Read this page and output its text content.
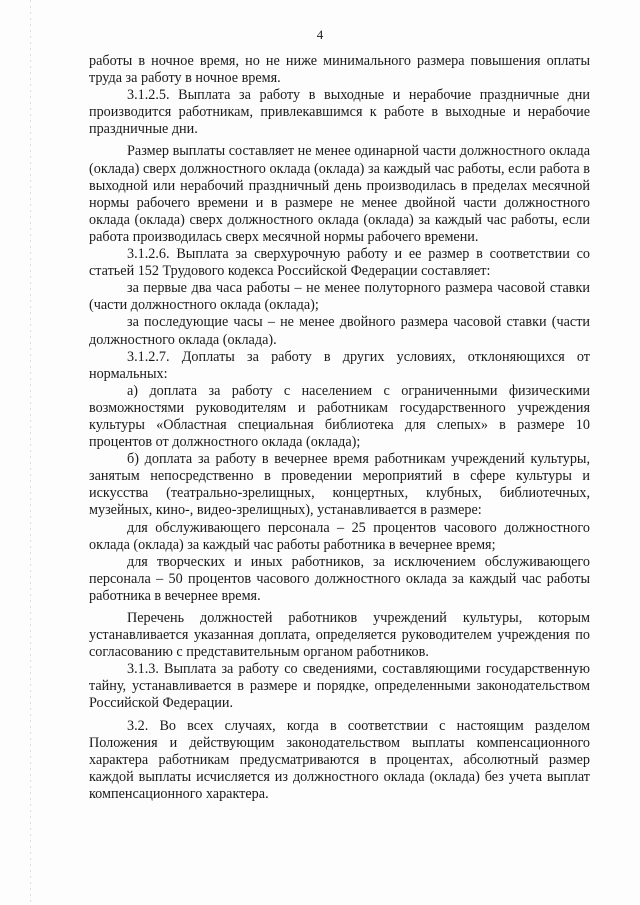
4

работы в ночное время, но не ниже минимального размера повышения оплаты труда за работу в ночное время.

3.1.2.5. Выплата за работу в выходные и нерабочие праздничные дни производится работникам, привлекавшимся к работе в выходные и нерабочие праздничные дни.

Размер выплаты составляет не менее одинарной части должностного оклада (оклада) сверх должностного оклада (оклада) за каждый час работы, если работа в выходной или нерабочий праздничный день производилась в пределах месячной нормы рабочего времени и в размере не менее двойной части должностного оклада (оклада) сверх должностного оклада (оклада) за каждый час работы, если работа производилась сверх месячной нормы рабочего времени.

3.1.2.6. Выплата за сверхурочную работу и ее размер в соответствии со статьей 152 Трудового кодекса Российской Федерации составляет:

за первые два часа работы – не менее полуторного размера часовой ставки (части должностного оклада (оклада);

за последующие часы – не менее двойного размера часовой ставки (части должностного оклада (оклада).

3.1.2.7. Доплаты за работу в других условиях, отклоняющихся от нормальных:

а) доплата за работу с населением с ограниченными физическими возможностями руководителям и работникам государственного учреждения культуры «Областная специальная библиотека для слепых» в размере 10 процентов от должностного оклада (оклада);

б) доплата за работу в вечернее время работникам учреждений культуры, занятым непосредственно в проведении мероприятий в сфере культуры и искусства (театрально-зрелищных, концертных, клубных, библиотечных, музейных, кино-, видео-зрелищных), устанавливается в размере:

для обслуживающего персонала – 25 процентов часового должностного оклада (оклада) за каждый час работы работника в вечернее время;

для творческих и иных работников, за исключением обслуживающего персонала – 50 процентов часового должностного оклада за каждый час работы работника в вечернее время.

Перечень должностей работников учреждений культуры, которым устанавливается указанная доплата, определяется руководителем учреждения по согласованию с представительным органом работников.

3.1.3. Выплата за работу со сведениями, составляющими государственную тайну, устанавливается в размере и порядке, определенными законодательством Российской Федерации.

3.2. Во всех случаях, когда в соответствии с настоящим разделом Положения и действующим законодательством выплаты компенсационного характера работникам предусматриваются в процентах, абсолютный размер каждой выплаты исчисляется из должностного оклада (оклада) без учета выплат компенсационного характера.
